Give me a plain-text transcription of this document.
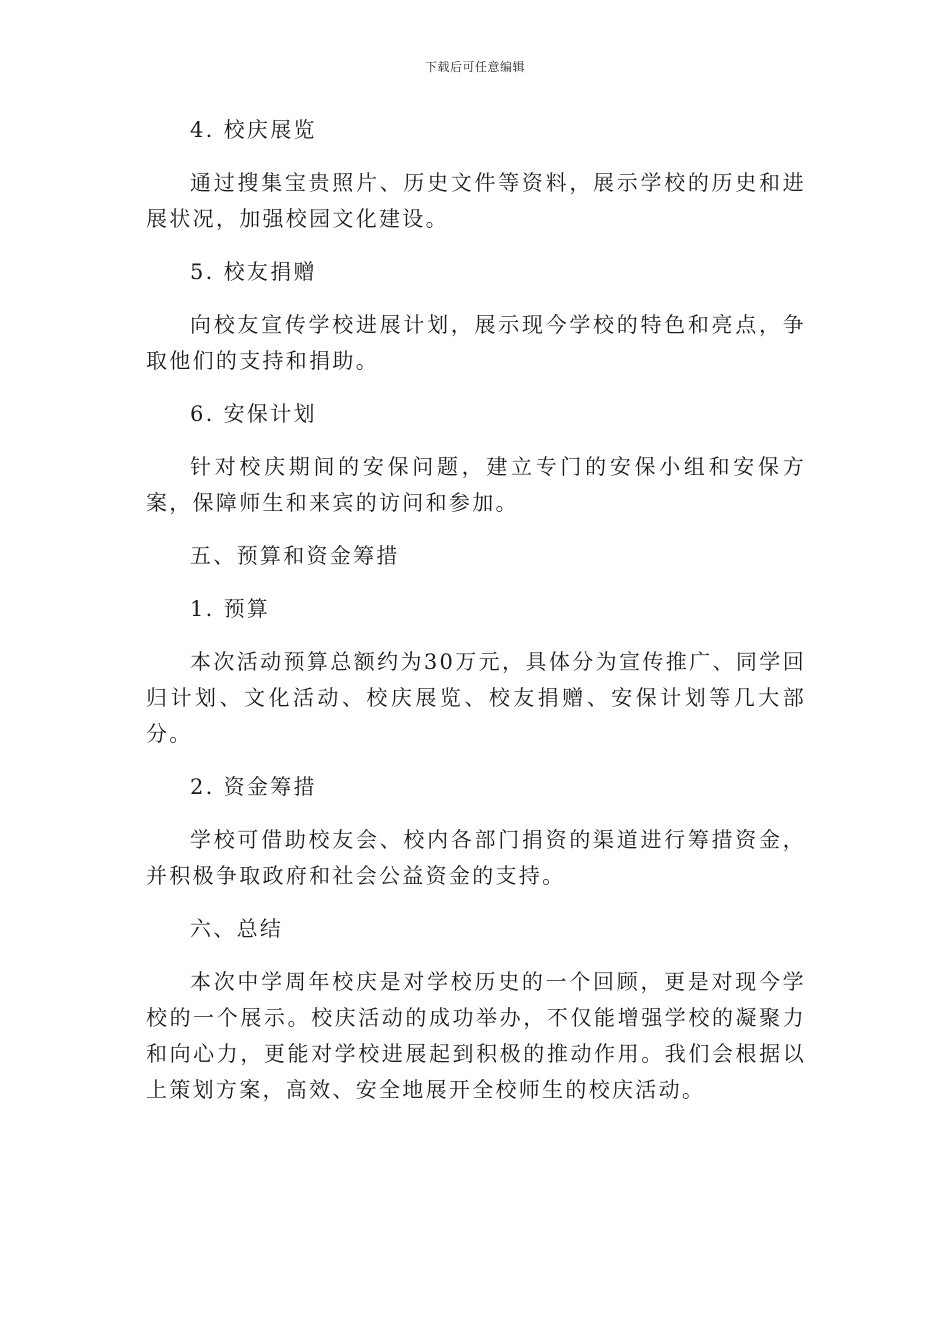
下载后可任意编辑
4. 校庆展览
通过搜集宝贵照片、历史文件等资料，展示学校的历史和进展状况，加强校园文化建设。
5. 校友捐赠
向校友宣传学校进展计划，展示现今学校的特色和亮点，争取他们的支持和捐助。
6. 安保计划
针对校庆期间的安保问题，建立专门的安保小组和安保方案，保障师生和来宾的访问和参加。
五、预算和资金筹措
1. 预算
本次活动预算总额约为30万元，具体分为宣传推广、同学回归计划、文化活动、校庆展览、校友捐赠、安保计划等几大部分。
2. 资金筹措
学校可借助校友会、校内各部门捐资的渠道进行筹措资金，并积极争取政府和社会公益资金的支持。
六、总结
本次中学周年校庆是对学校历史的一个回顾，更是对现今学校的一个展示。校庆活动的成功举办，不仅能增强学校的凝聚力和向心力，更能对学校进展起到积极的推动作用。我们会根据以上策划方案，高效、安全地展开全校师生的校庆活动。
